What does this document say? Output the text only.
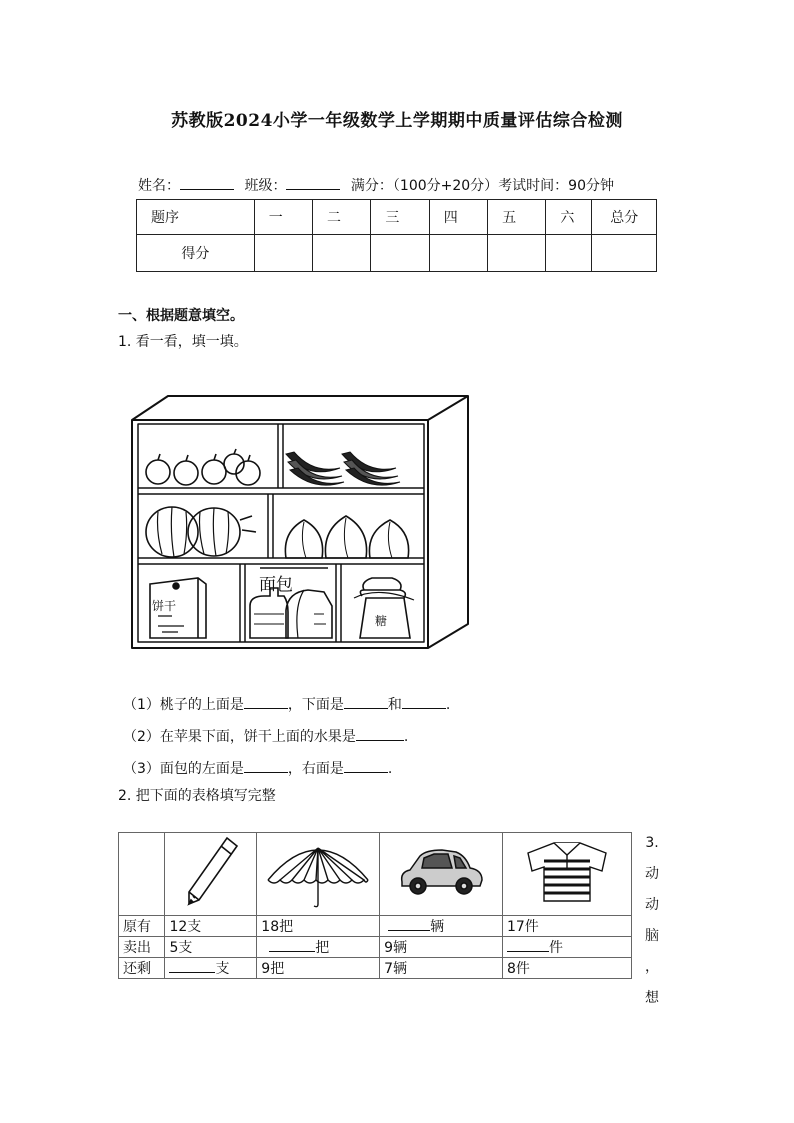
苏教版2024小学一年级数学上学期期中质量评估综合检测
姓名：	班级：	满分：（100分+20分）考试时间：90分钟
题序	一	二	三	四	五	六	总分
得分							
一、根据题意填空。
1. 看一看，填一填。
面包
饼干
糖
（1）桃子的上面是	，下面是	和	.
（2）在苹果下面，饼干上面的水果是	.
（3）面包的左面是	，右面是	.
2. 把下面的表格填写完整

原有	12支	18把	辆	17件
卖出	5支	把	9辆	件
还剩	支	9把	7辆	8件
3.
动
动
脑
，
想
